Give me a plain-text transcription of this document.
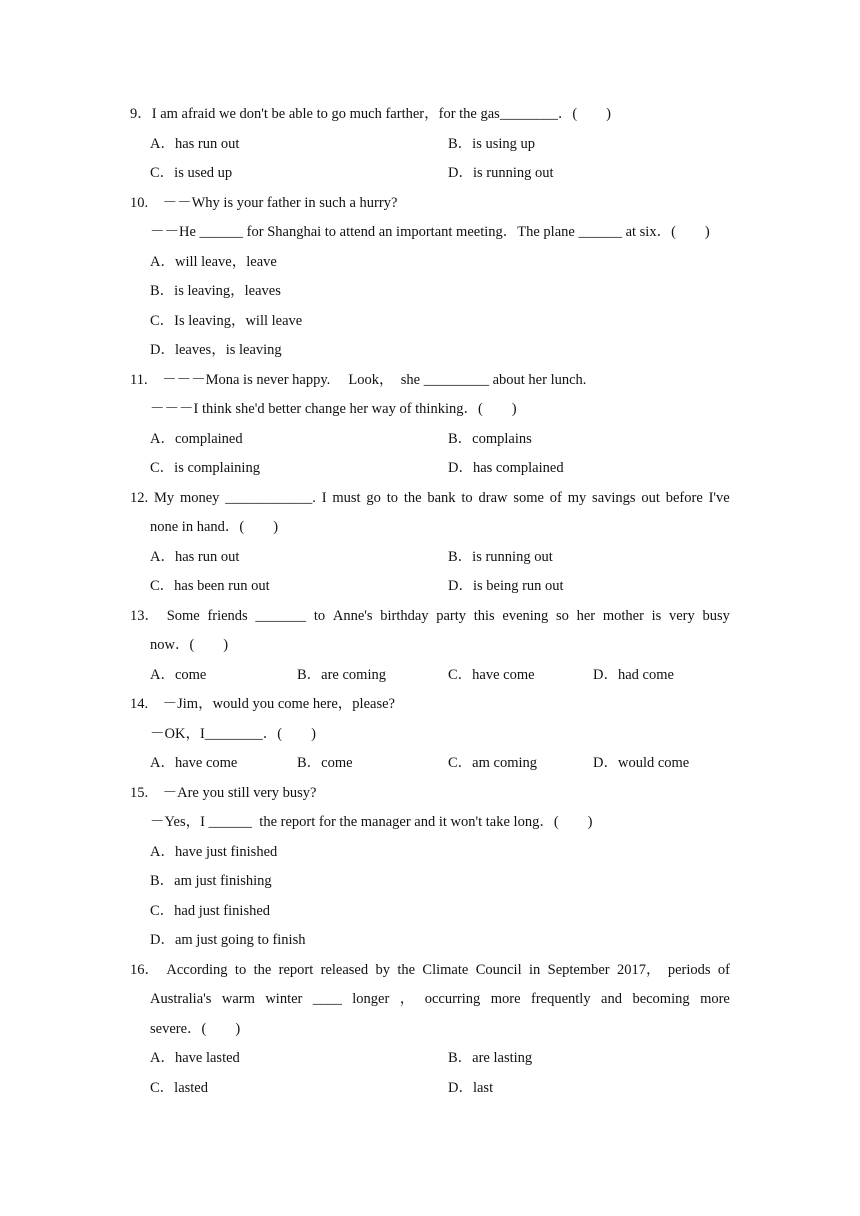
9．I am afraid we don't be able to go much farther，for the gas________．(　　)

A．has run out

	B．is using up

C．is used up

	D．is running out

10.　－－Why is your father in such a hurry?

－－He ______ for Shanghai to attend an important meeting．The plane ______ at six．(　　)

A．will leave，leave

B．is leaving，leaves

C．Is leaving，will leave

D．leaves，is leaving

11.　－－－Mona is never happy.　 Look，　she _________ about her lunch.

－－－I think she'd better change her way of thinking．(　　)

A．complained

	B．complains

C．is complaining

	D．has complained

12. My money ____________. I must go to the bank to draw some of my savings out before I've

none in hand．(　　)

A．has run out

	B．is running out

C．has been run out

	D．is being run out

13． Some friends _______ to Anne's birthday party this evening so her mother is very busy

now．(　　)

A．come

	B．are coming

	C．have come

	D．had come

14.　－Jim，would you come here，please?

－OK，I________．(　　)

A．have come

	B．come

	C．am coming

	D．would come

15.　－Are you still very busy?

－Yes，I ______  the report for the manager and it won't take long．(　　)

A．have just finished

B．am just finishing

C．had just finished

D．am just going to finish

16． According to the report released by the Climate Council in September 2017， periods of

Australia's warm winter ____ longer ， occurring more frequently and becoming more

severe．(　　)

A．have lasted

	B．are lasting

C．lasted

	D．last
